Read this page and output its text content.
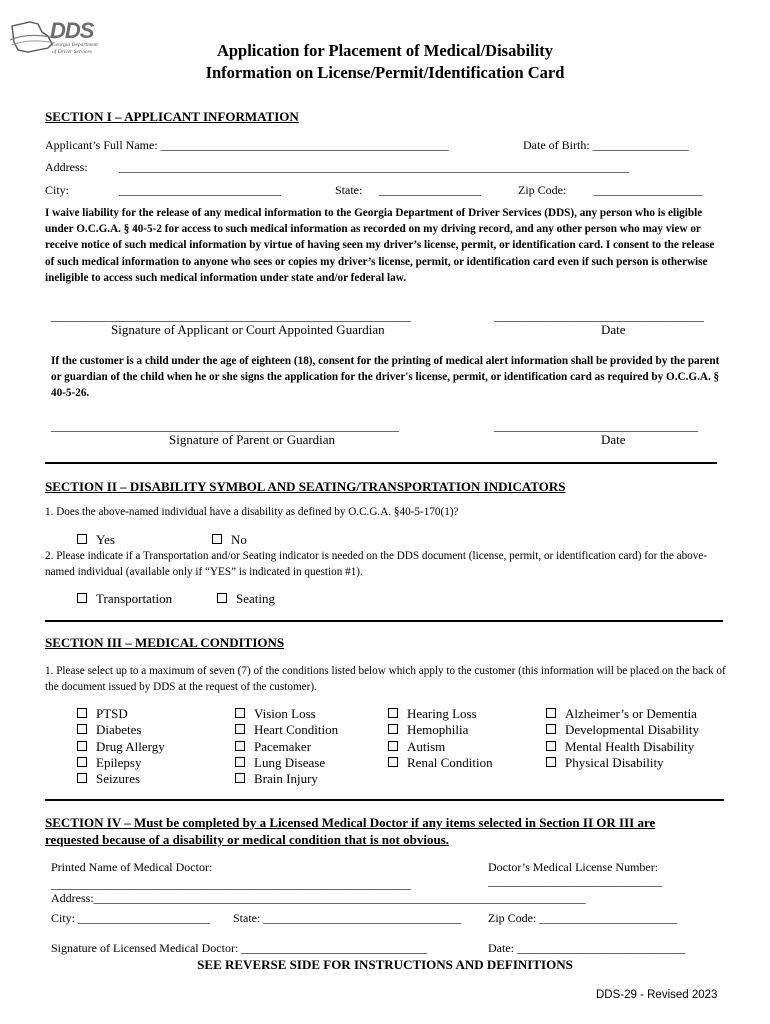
DDS
Georgia Department
of Driver Services	Application for Placement of Medical/Disability
Information on License/Permit/Identification Card
SECTION I – APPLICANT INFORMATION
Applicant’s Full Name: ________________________________________________	Date of Birth: ________________
Address:	_____________________________________________________________________________________
City:	___________________________	State: _________________	Zip Code: __________________
I waive liability for the release of any medical information to the Georgia Department of Driver Services (DDS), any person who is eligible under O.C.G.A. § 40-5-2 for access to such medical information as recorded on my driving record, and any other person who may view or receive notice of such medical information by virtue of having seen my driver’s license, permit, or identification card. I consent to the release of such medical information to anyone who sees or copies my driver’s license, permit, or identification card even if such person is otherwise ineligible to access such medical information under state and/or federal law.
____________________________________________________________	___________________________________
Signature of Applicant or Court Appointed Guardian	Date
If the customer is a child under the age of eighteen (18), consent for the printing of medical alert information shall be provided by the parent or guardian of the child when he or she signs the application for the driver's license, permit, or identification card as required by O.C.G.A. § 40-5-26.
__________________________________________________________	__________________________________
Signature of Parent or Guardian	Date
SECTION II – DISABILITY SYMBOL AND SEATING/TRANSPORTATION INDICATORS
1. Does the above-named individual have a disability as defined by O.C.G.A. §40-5-170(1)?
Yes	No
2. Please indicate if a Transportation and/or Seating indicator is needed on the DDS document (license, permit, or identification card) for the above-named individual (available only if “YES” is indicated in question #1).
Transportation	Seating
SECTION III – MEDICAL CONDITIONS
1. Please select up to a maximum of seven (7) of the conditions listed below which apply to the customer (this information will be placed on the back of the document issued by DDS at the request of the customer).
PTSD
Diabetes
Drug Allergy
Epilepsy
Seizures
Vision Loss
Heart Condition
Pacemaker
Lung Disease
Brain Injury
Hearing Loss
Hemophilia
Autism
Renal Condition
Alzheimer’s or Dementia
Developmental Disability
Mental Health Disability
Physical Disability
SECTION IV – Must be completed by a Licensed Medical Doctor if any items selected in Section II OR III are
requested because of a disability or medical condition that is not obvious.
Printed Name of Medical Doctor:	Doctor’s Medical License Number:
____________________________________________________________	_____________________________
Address:__________________________________________________________________________________
City: ______________________ State: _________________________________ Zip Code: _______________________
Signature of Licensed Medical Doctor: _______________________________	Date: ____________________________
SEE REVERSE SIDE FOR INSTRUCTIONS AND DEFINITIONS
DDS-29 - Revised 2023
